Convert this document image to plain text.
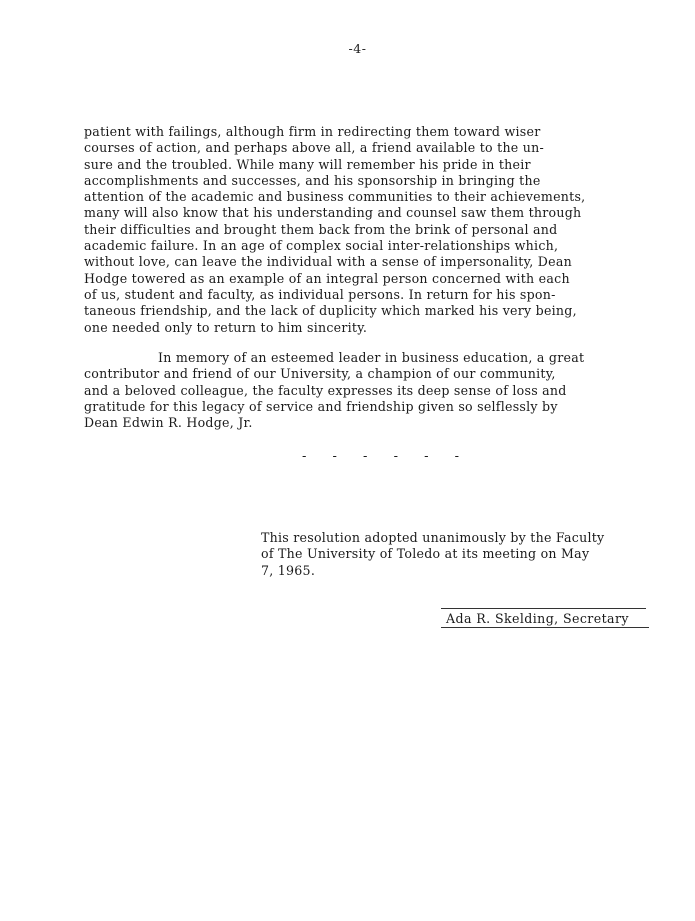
-4-
patient with failings, although firm in redirecting them toward wiser
courses of action, and perhaps above all, a friend available to the un-
sure and the troubled. While many will remember his pride in their
accomplishments and successes, and his sponsorship in bringing the
attention of the academic and business communities to their achievements,
many will also know that his understanding and counsel saw them through
their difficulties and brought them back from the brink of personal and
academic failure. In an age of complex social inter-relationships which,
without love, can leave the individual with a sense of impersonality, Dean
Hodge towered as an example of an integral person concerned with each
of us, student and faculty, as individual persons. In return for his spon-
taneous friendship, and the lack of duplicity which marked his very being,
one needed only to return to him sincerity.
In memory of an esteemed leader in business education, a great
contributor and friend of our University, a champion of our community,
and a beloved colleague, the faculty expresses its deep sense of loss and
gratitude for this legacy of service and friendship given so selflessly by
Dean Edwin R. Hodge, Jr.
- - - - - -
This resolution adopted unanimously by the Faculty
of The University of Toledo at its meeting on May
7, 1965.
Ada R. Skelding, Secretary
